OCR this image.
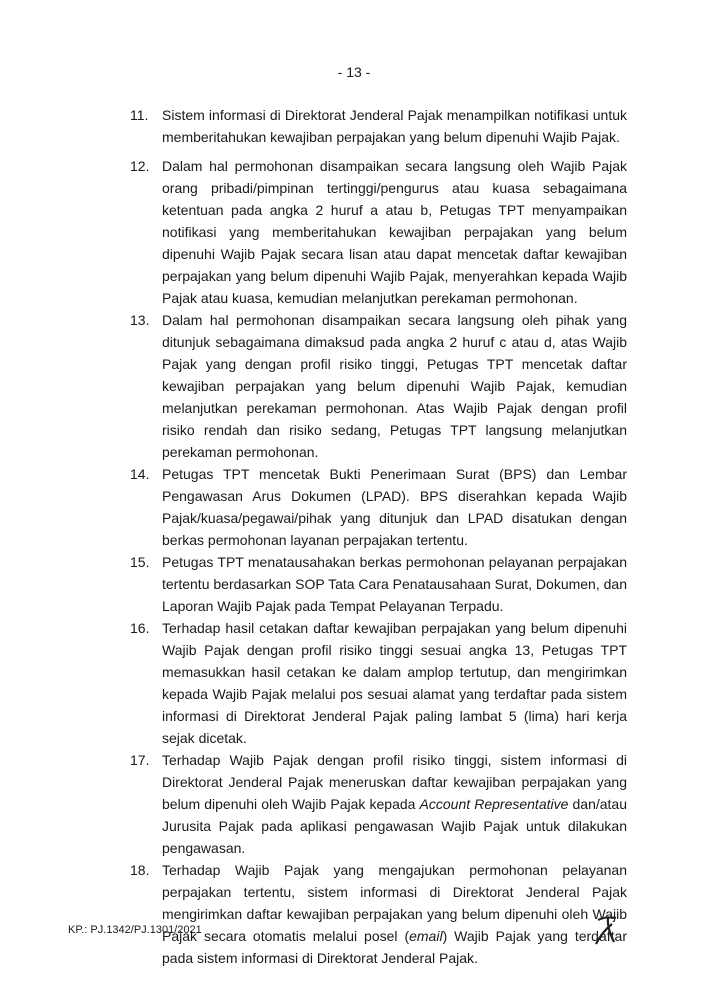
- 13 -
11. Sistem informasi di Direktorat Jenderal Pajak menampilkan notifikasi untuk memberitahukan kewajiban perpajakan yang belum dipenuhi Wajib Pajak.
12. Dalam hal permohonan disampaikan secara langsung oleh Wajib Pajak orang pribadi/pimpinan tertinggi/pengurus atau kuasa sebagaimana ketentuan pada angka 2 huruf a atau b, Petugas TPT menyampaikan notifikasi yang memberitahukan kewajiban perpajakan yang belum dipenuhi Wajib Pajak secara lisan atau dapat mencetak daftar kewajiban perpajakan yang belum dipenuhi Wajib Pajak, menyerahkan kepada Wajib Pajak atau kuasa, kemudian melanjutkan perekaman permohonan.
13. Dalam hal permohonan disampaikan secara langsung oleh pihak yang ditunjuk sebagaimana dimaksud pada angka 2 huruf c atau d, atas Wajib Pajak yang dengan profil risiko tinggi, Petugas TPT mencetak daftar kewajiban perpajakan yang belum dipenuhi Wajib Pajak, kemudian melanjutkan perekaman permohonan. Atas Wajib Pajak dengan profil risiko rendah dan risiko sedang, Petugas TPT langsung melanjutkan perekaman permohonan.
14. Petugas TPT mencetak Bukti Penerimaan Surat (BPS) dan Lembar Pengawasan Arus Dokumen (LPAD). BPS diserahkan kepada Wajib Pajak/kuasa/pegawai/pihak yang ditunjuk dan LPAD disatukan dengan berkas permohonan layanan perpajakan tertentu.
15. Petugas TPT menatausahakan berkas permohonan pelayanan perpajakan tertentu berdasarkan SOP Tata Cara Penatausahaan Surat, Dokumen, dan Laporan Wajib Pajak pada Tempat Pelayanan Terpadu.
16. Terhadap hasil cetakan daftar kewajiban perpajakan yang belum dipenuhi Wajib Pajak dengan profil risiko tinggi sesuai angka 13, Petugas TPT memasukkan hasil cetakan ke dalam amplop tertutup, dan mengirimkan kepada Wajib Pajak melalui pos sesuai alamat yang terdaftar pada sistem informasi di Direktorat Jenderal Pajak paling lambat 5 (lima) hari kerja sejak dicetak.
17. Terhadap Wajib Pajak dengan profil risiko tinggi, sistem informasi di Direktorat Jenderal Pajak meneruskan daftar kewajiban perpajakan yang belum dipenuhi oleh Wajib Pajak kepada Account Representative dan/atau Jurusita Pajak pada aplikasi pengawasan Wajib Pajak untuk dilakukan pengawasan.
18. Terhadap Wajib Pajak yang mengajukan permohonan pelayanan perpajakan tertentu, sistem informasi di Direktorat Jenderal Pajak mengirimkan daftar kewajiban perpajakan yang belum dipenuhi oleh Wajib Pajak secara otomatis melalui posel (email) Wajib Pajak yang terdaftar pada sistem informasi di Direktorat Jenderal Pajak.
KP.: PJ.1342/PJ.1301/2021
